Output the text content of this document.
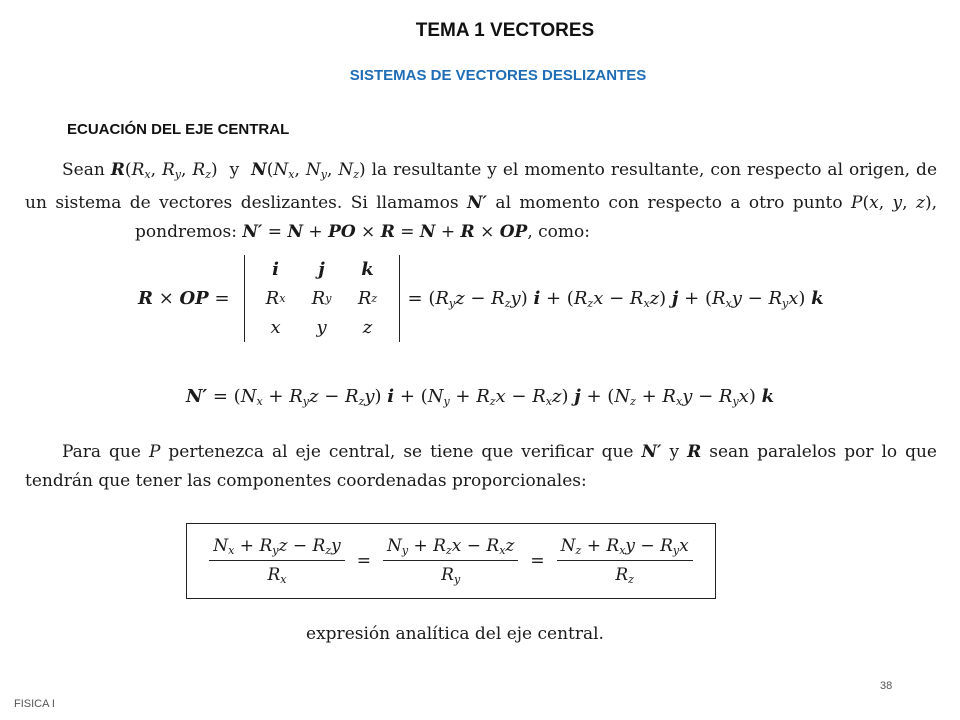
TEMA 1 VECTORES
SISTEMAS DE VECTORES DESLIZANTES
ECUACIÓN DEL EJE CENTRAL
Sean $R(R_x$, $R_y$, $R_z$)  y  $N(N_x$, $N_y$, $N_z$) la resultante y el momento resultante, con respecto al origen, de un sistema de vectores deslizantes. Si llamamos N′ al momento con respecto a otro punto P(x, y, z),pondremos: N′ = N + PO × R = N + R × OP, como:
R × OP =
i	j	k
R x	R y	R z
x	y	z
= $(R_yz - R_zy) i + (R_zx - R_xz) j + (R_xy - R_yx)$ k
$N' = (N_x + R_yz - R_zy) i + (N_y + R_zx - R_xz) j + (N_z + R_xy - R_yx)$ k
Para que P pertenezca al eje central, se tiene que verificar que N′ y R sean paralelos por lo que tendrán que tener las componentes coordenadas proporcionales:
$\frac{N_x + R_yz - R_zy}{R_x} = \frac{N_y + R_zx - R_xz}{R_y} = \frac{N_z + R_xy - R_yx}{R_z}$
expresión analítica del eje central.
38
FISICA I
